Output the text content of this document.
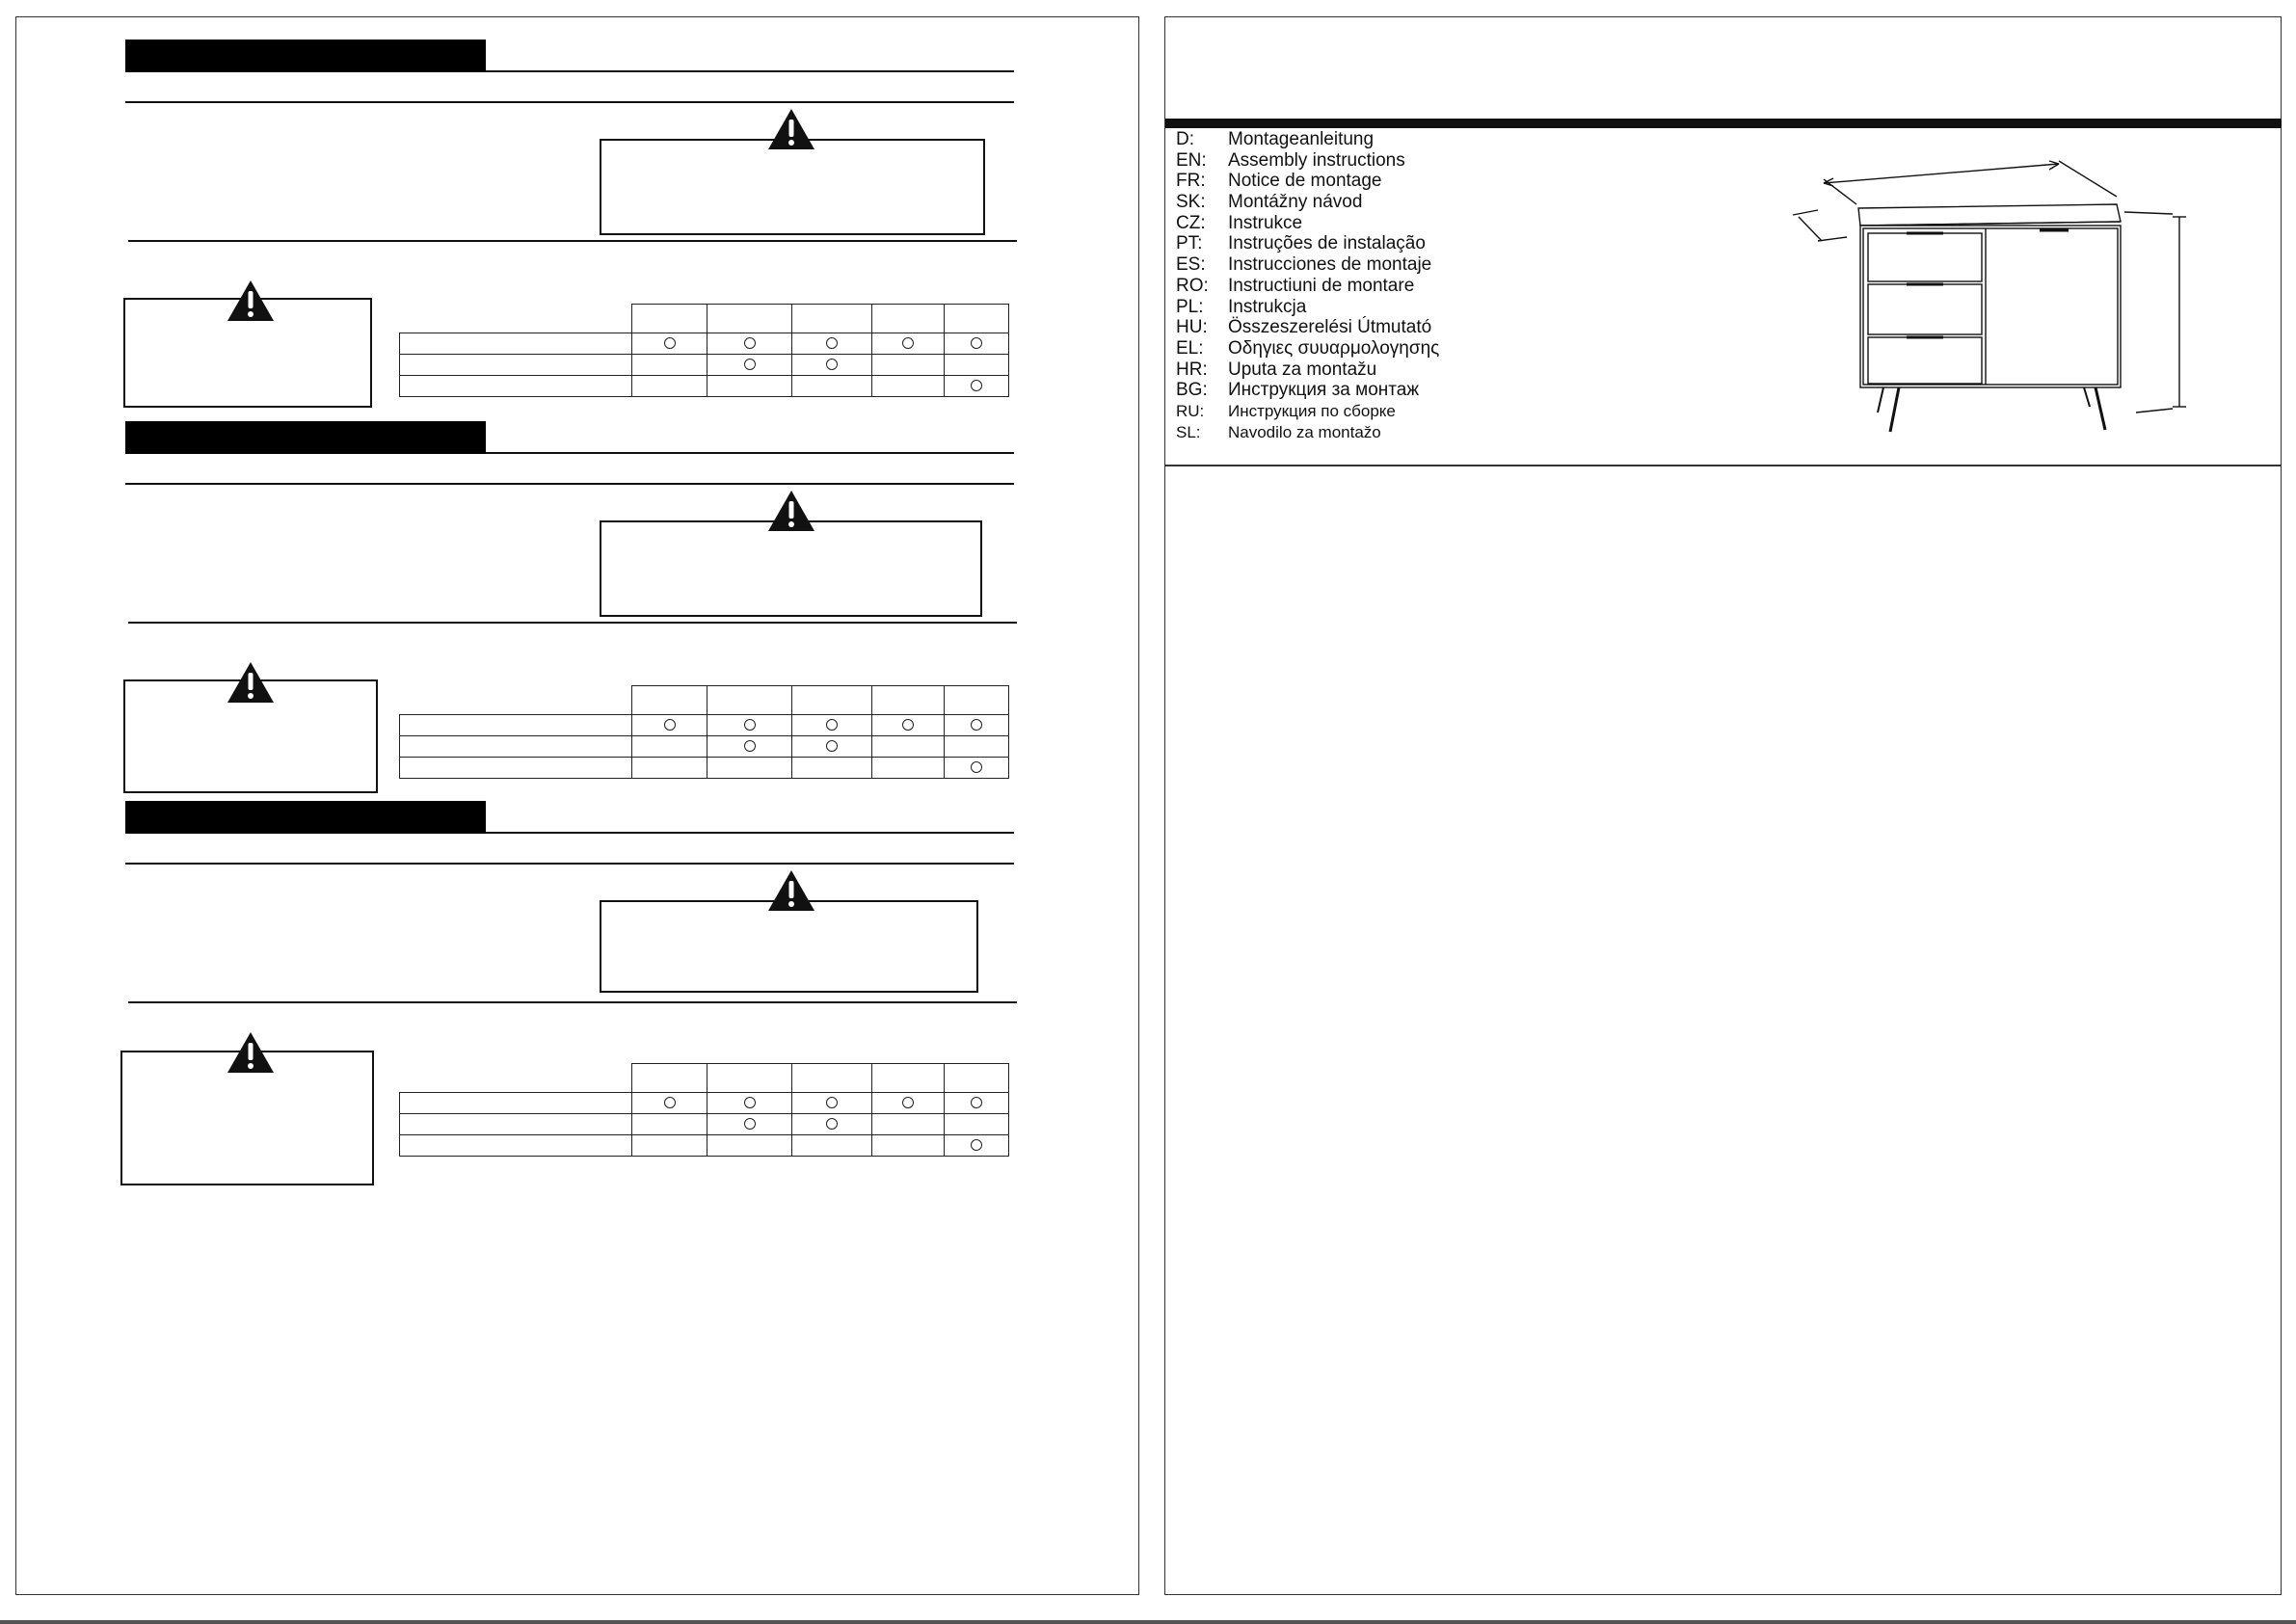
D:	Montageanleitung
EN:	Assembly instructions
FR:	Notice de montage
SK:	Montážny návod
CZ:	Instrukce
PT:	Instruções de instalação
ES:	Instrucciones de montaje
RO:	Instructiuni de montare
PL:	Instrukcja
HU:	Összeszerelési Útmutató
EL:	Οδηγιες συυαρμολογησης
HR:	Uputa za montažu
BG:	Инструкция за монтаж
RU:	Инструкция по сборке
SL:	Navodilo za montažo
